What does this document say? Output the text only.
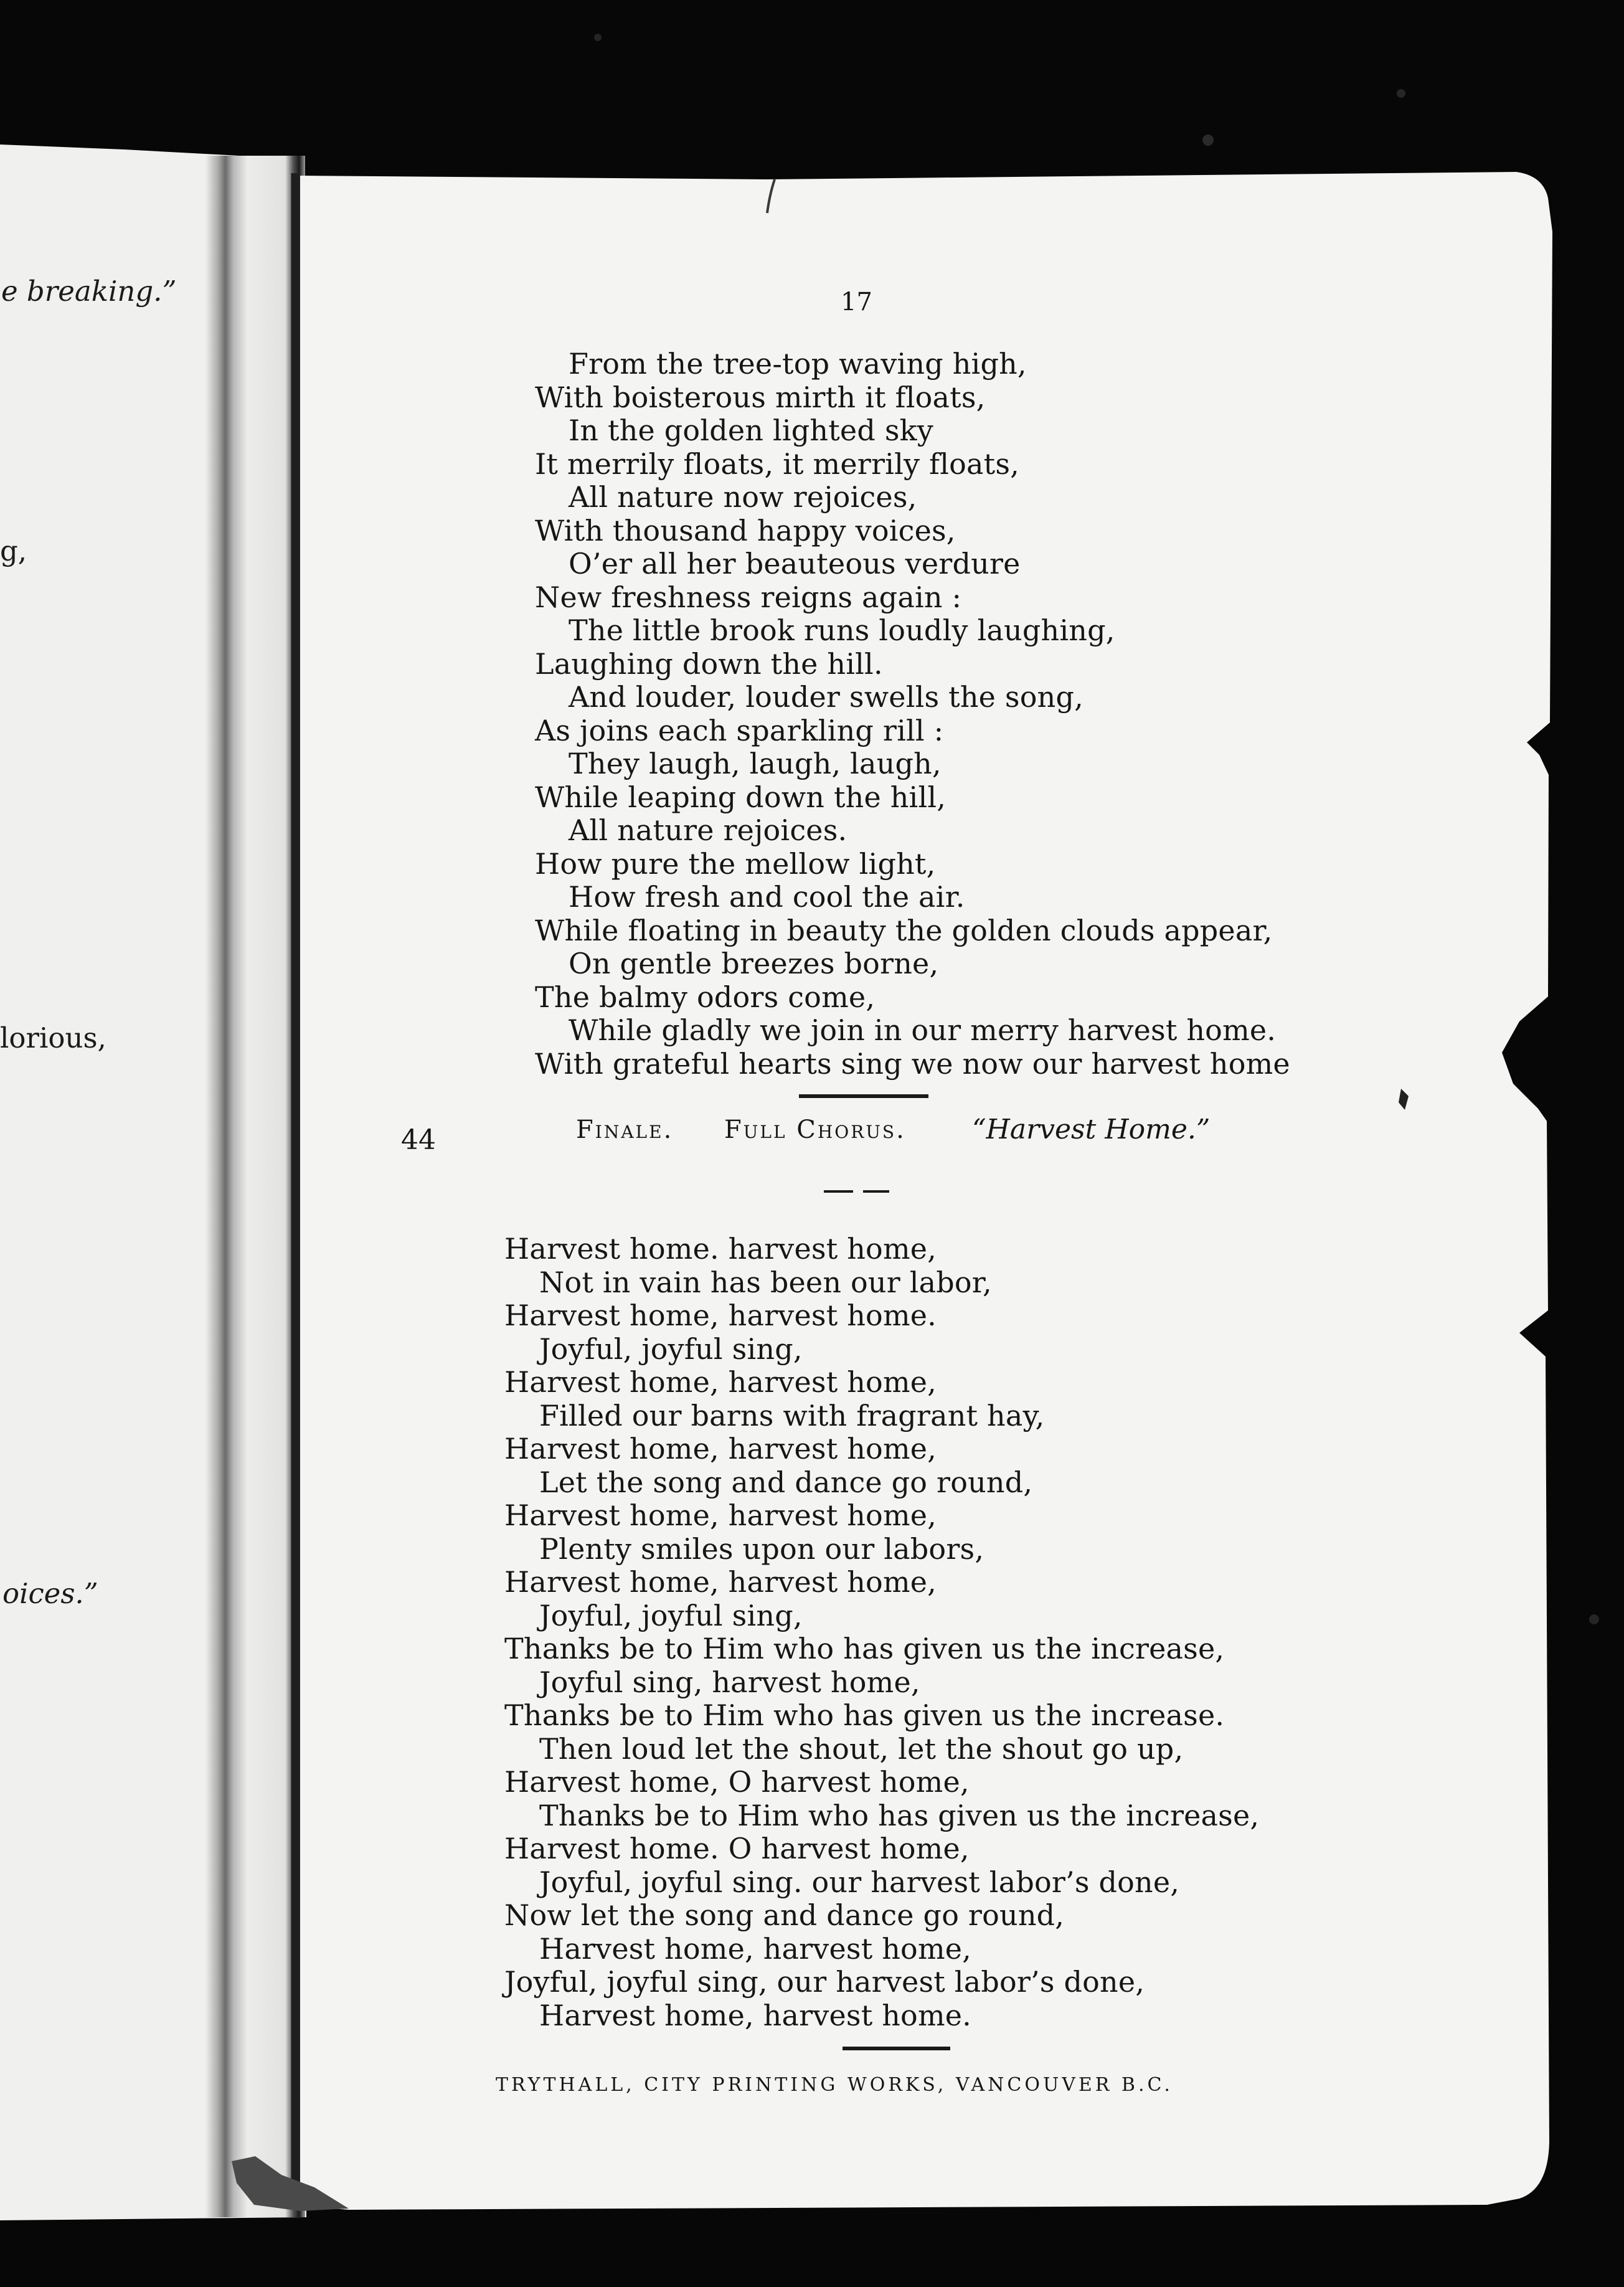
e breaking.”
g,
lorious,
oices.”
17
From the tree-top waving high,
With boisterous mirth it floats,
In the golden lighted sky
It merrily floats, it merrily floats,
All nature now rejoices,
With thousand happy voices,
O’er all her beauteous verdure
New freshness reigns again :
The little brook runs loudly laughing,
Laughing down the hill.
And louder, louder swells the song,
As joins each sparkling rill :
They laugh, laugh, laugh,
While leaping down the hill,
All nature rejoices.
How pure the mellow light,
How fresh and cool the air.
While floating in beauty the golden clouds appear,
On gentle breezes borne,
The balmy odors come,
While gladly we join in our merry harvest home.
With grateful hearts sing we now our harvest home
44	Finale. Full Chorus. “Harvest Home.”
Harvest home. harvest home,
Not in vain has been our labor,
Harvest home, harvest home.
Joyful, joyful sing,
Harvest home, harvest home,
Filled our barns with fragrant hay,
Harvest home, harvest home,
Let the song and dance go round,
Harvest home, harvest home,
Plenty smiles upon our labors,
Harvest home, harvest home,
Joyful, joyful sing,
Thanks be to Him who has given us the increase,
Joyful sing, harvest home,
Thanks be to Him who has given us the increase.
Then loud let the shout, let the shout go up,
Harvest home, O harvest home,
Thanks be to Him who has given us the increase,
Harvest home. O harvest home,
Joyful, joyful sing. our harvest labor’s done,
Now let the song and dance go round,
Harvest home, harvest home,
Joyful, joyful sing, our harvest labor’s done,
Harvest home, harvest home.
TRYTHALL, CITY PRINTING WORKS, VANCOUVER B.C.
